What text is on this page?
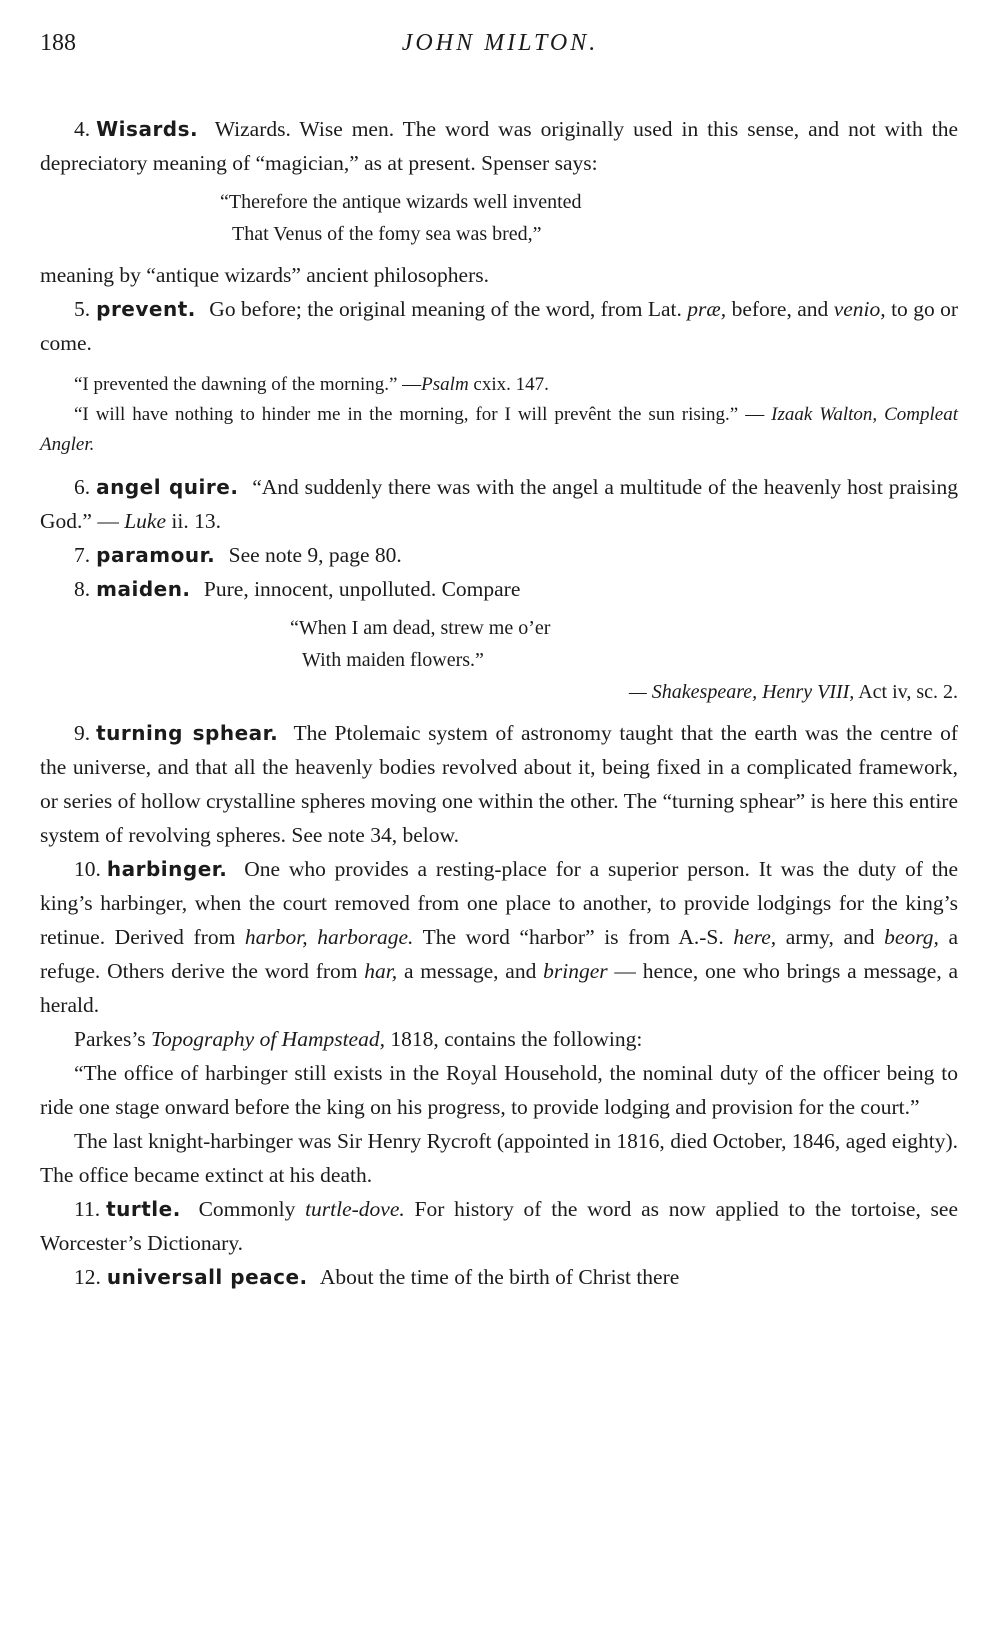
188	JOHN MILTON.

4. Wisards. Wizards. Wise men. The word was originally used in this sense, and not with the depreciatory meaning of “magician,” as at present. Spenser says:

“Therefore the antique wizards well invented
That Venus of the fomy sea was bred,”

meaning by “antique wizards” ancient philosophers.

5. prevent. Go before; the original meaning of the word, from Lat. præ, before, and venio, to go or come.

“I prevented the dawning of the morning.” —Psalm cxix. 147.

“I will have nothing to hinder me in the morning, for I will prevênt the sun rising.” — Izaak Walton, Compleat Angler.

6. angel quire. “And suddenly there was with the angel a multitude of the heavenly host praising God.” — Luke ii. 13.

7. paramour. See note 9, page 80.

8. maiden. Pure, innocent, unpolluted. Compare

“When I am dead, strew me o’er
With maiden flowers.”
— Shakespeare, Henry VIII, Act iv, sc. 2.

9. turning sphear. The Ptolemaic system of astronomy taught that the earth was the centre of the universe, and that all the heavenly bodies revolved about it, being fixed in a complicated framework, or series of hollow crystalline spheres moving one within the other. The “turning sphear” is here this entire system of revolving spheres. See note 34, below.

10. harbinger. One who provides a resting-place for a superior person. It was the duty of the king’s harbinger, when the court removed from one place to another, to provide lodgings for the king’s retinue. Derived from harbor, harborage. The word “harbor” is from A.-S. here, army, and beorg, a refuge. Others derive the word from har, a message, and bringer — hence, one who brings a message, a herald.

Parkes’s Topography of Hampstead, 1818, contains the following:

“The office of harbinger still exists in the Royal Household, the nominal duty of the officer being to ride one stage onward before the king on his progress, to provide lodging and provision for the court.”

The last knight-harbinger was Sir Henry Rycroft (appointed in 1816, died October, 1846, aged eighty). The office became extinct at his death.

11. turtle. Commonly turtle-dove. For history of the word as now applied to the tortoise, see Worcester’s Dictionary.

12. universall peace. About the time of the birth of Christ there
